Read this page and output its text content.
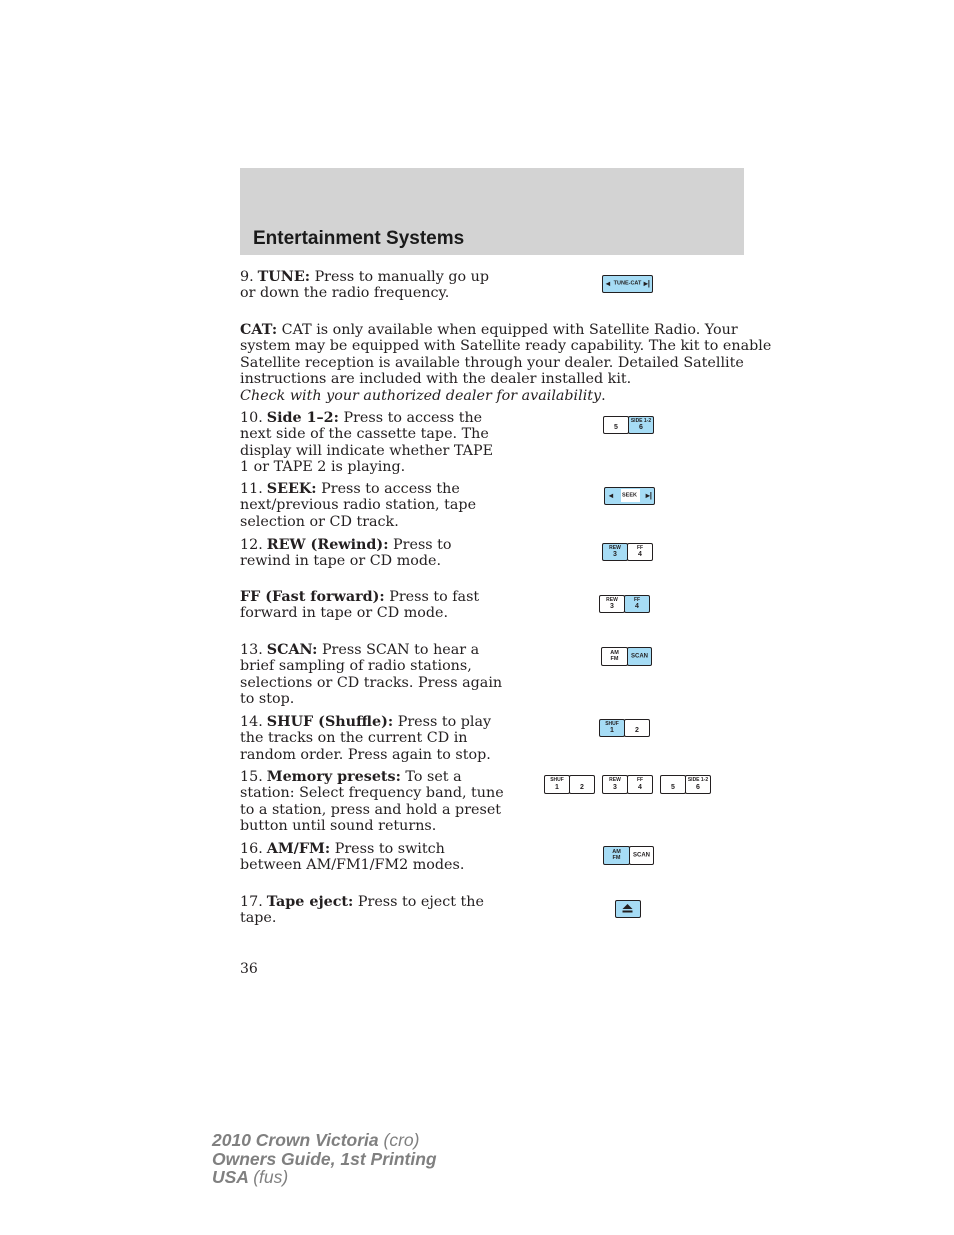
Entertainment Systems

9. TUNE: Press to manually go up
or down the radio frequency.

◂ TUNE-CAT ▸|

CAT: CAT is only available when equipped with Satellite Radio. Your
system may be equipped with Satellite ready capability. The kit to enable
Satellite reception is available through your dealer. Detailed Satellite
instructions are included with the dealer installed kit.
Check with your authorized dealer for availability.

10. Side 1–2: Press to access the
next side of the cassette tape. The
display will indicate whether TAPE
1 or TAPE 2 is playing.

5
SIDE 1-2
6

11. SEEK: Press to access the
next/previous radio station, tape
selection or CD track.

◂	SEEK	▸|

12. REW (Rewind): Press to
rewind in tape or CD mode.

REW
3
FF
4

FF (Fast forward): Press to fast
forward in tape or CD mode.

REW
3
FF
4

13. SCAN: Press SCAN to hear a
brief sampling of radio stations,
selections or CD tracks. Press again
to stop.

AM
FM	SCAN

14. SHUF (Shuffle): Press to play
the tracks on the current CD in
random order. Press again to stop.

SHUF
1	2

15. Memory presets: To set a
station: Select frequency band, tune
to a station, press and hold a preset
button until sound returns.

SHUF
1	2
REW
3
FF
4	5
SIDE 1-2
6

16. AM/FM: Press to switch
between AM/FM1/FM2 modes.

AM
FM	SCAN

17. Tape eject: Press to eject the
tape.

36
2010 Crown Victoria (cro)
Owners Guide, 1st Printing
USA (fus)
